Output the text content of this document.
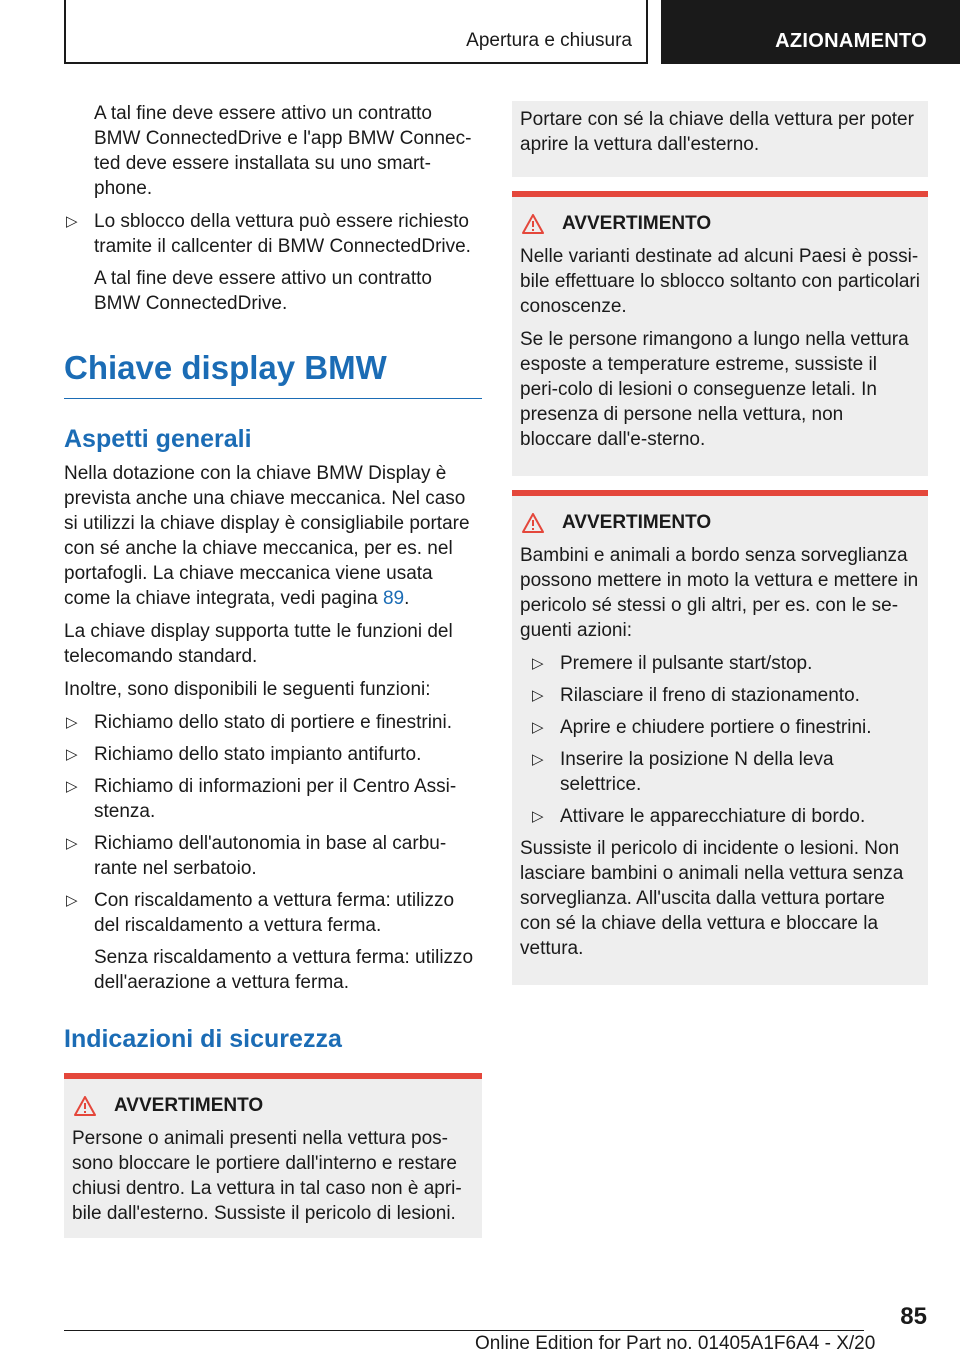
Apertura e chiusura	AZIONAMENTO

A tal fine deve essere attivo un contratto BMW ConnectedDrive e l'app BMW Connec-ted deve essere installata su uno smart-phone.

▷ Lo sblocco della vettura può essere richiesto tramite il callcenter di BMW ConnectedDrive.

A tal fine deve essere attivo un contratto BMW ConnectedDrive.

Chiave display BMW
Aspetti generali

Nella dotazione con la chiave BMW Display è prevista anche una chiave meccanica. Nel caso si utilizzi la chiave display è consigliabile portare con sé anche la chiave meccanica, per es. nel portafogli. La chiave meccanica viene usata come la chiave integrata, vedi pagina 89.

La chiave display supporta tutte le funzioni del telecomando standard.

Inoltre, sono disponibili le seguenti funzioni:

▷ Richiamo dello stato di portiere e finestrini.
▷ Richiamo dello stato impianto antifurto.
▷ Richiamo di informazioni per il Centro Assi-stenza.
▷ Richiamo dell'autonomia in base al carbu-rante nel serbatoio.
▷ Con riscaldamento a vettura ferma: utilizzo del riscaldamento a vettura ferma.

Senza riscaldamento a vettura ferma: utilizzo dell'aerazione a vettura ferma.

Indicazioni di sicurezza
AVVERTIMENTO

Persone o animali presenti nella vettura pos-sono bloccare le portiere dall'interno e restare chiusi dentro. La vettura in tal caso non è apri-bile dall'esterno. Sussiste il pericolo di lesioni.

Portare con sé la chiave della vettura per poter aprire la vettura dall'esterno.

AVVERTIMENTO

Nelle varianti destinate ad alcuni Paesi è possi-bile effettuare lo sblocco soltanto con particolari conoscenze.

Se le persone rimangono a lungo nella vettura esposte a temperature estreme, sussiste il peri-colo di lesioni o conseguenze letali. In presenza di persone nella vettura, non bloccare dall'e-sterno.

AVVERTIMENTO

Bambini e animali a bordo senza sorveglianza possono mettere in moto la vettura e mettere in pericolo sé stessi o gli altri, per es. con le se-guenti azioni:

▷ Premere il pulsante start/stop.
▷ Rilasciare il freno di stazionamento.
▷ Aprire e chiudere portiere o finestrini.
▷ Inserire la posizione N della leva selettrice.
▷ Attivare le apparecchiature di bordo.

Sussiste il pericolo di incidente o lesioni. Non lasciare bambini o animali nella vettura senza sorveglianza. All'uscita dalla vettura portare con sé la chiave della vettura e bloccare la vettura.

85
Online Edition for Part no. 01405A1F6A4 - X/20
